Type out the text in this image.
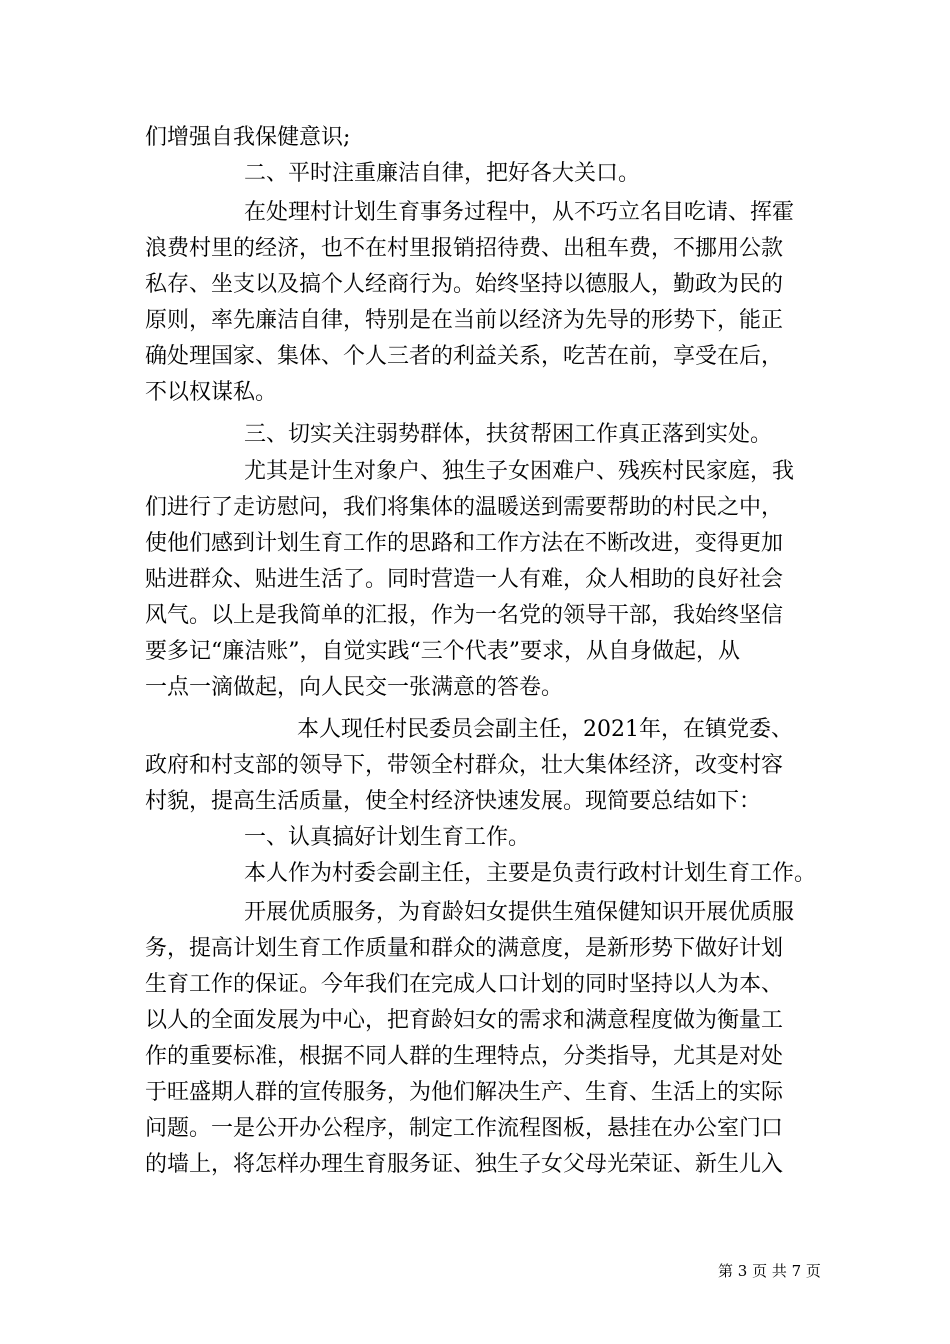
们增强自我保健意识;
二、平时注重廉洁自律，把好各大关口。
在处理村计划生育事务过程中，从不巧立名目吃请、挥霍
浪费村里的经济，也不在村里报销招待费、出租车费，不挪用公款
私存、坐支以及搞个人经商行为。始终坚持以德服人，勤政为民的
原则，率先廉洁自律，特别是在当前以经济为先导的形势下，能正
确处理国家、集体、个人三者的利益关系，吃苦在前，享受在后，
不以权谋私。
三、切实关注弱势群体，扶贫帮困工作真正落到实处。
尤其是计生对象户、独生子女困难户、残疾村民家庭，我
们进行了走访慰问，我们将集体的温暖送到需要帮助的村民之中，
使他们感到计划生育工作的思路和工作方法在不断改进，变得更加
贴进群众、贴进生活了。同时营造一人有难，众人相助的良好社会
风气。以上是我简单的汇报，作为一名党的领导干部，我始终坚信
要多记“廉洁账”，自觉实践“三个代表”要求，从自身做起，从
一点一滴做起，向人民交一张满意的答卷。
本人现任村民委员会副主任，2021年，在镇党委、
政府和村支部的领导下，带领全村群众，壮大集体经济，改变村容
村貌，提高生活质量，使全村经济快速发展。现简要总结如下：
一、认真搞好计划生育工作。
本人作为村委会副主任，主要是负责行政村计划生育工作。
开展优质服务，为育龄妇女提供生殖保健知识开展优质服
务，提高计划生育工作质量和群众的满意度，是新形势下做好计划
生育工作的保证。今年我们在完成人口计划的同时坚持以人为本、
以人的全面发展为中心，把育龄妇女的需求和满意程度做为衡量工
作的重要标准，根据不同人群的生理特点，分类指导，尤其是对处
于旺盛期人群的宣传服务，为他们解决生产、生育、生活上的实际
问题。一是公开办公程序，制定工作流程图板，悬挂在办公室门口
的墙上，将怎样办理生育服务证、独生子女父母光荣证、新生儿入
第 3 页 共 7 页
